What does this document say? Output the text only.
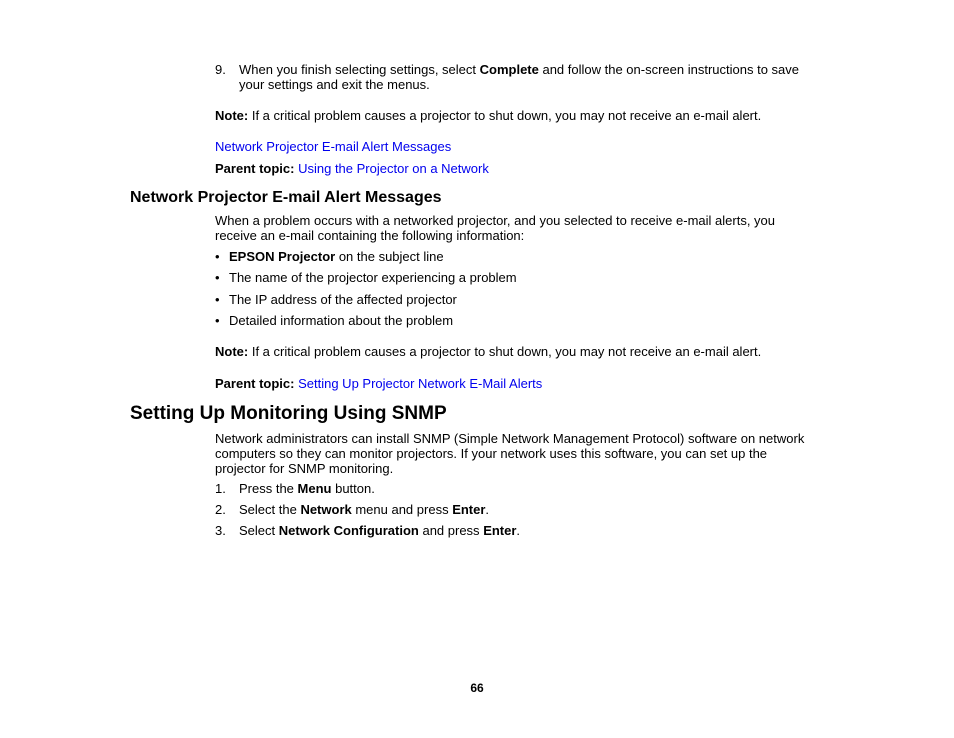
9.	When you finish selecting settings, select Complete and follow the on-screen instructions to save
your settings and exit the menus.
Note: If a critical problem causes a projector to shut down, you may not receive an e-mail alert.
Network Projector E-mail Alert Messages
Parent topic: Using the Projector on a Network
Network Projector E-mail Alert Messages
When a problem occurs with a networked projector, and you selected to receive e-mail alerts, you
receive an e-mail containing the following information:
• EPSON Projector on the subject line
• The name of the projector experiencing a problem
• The IP address of the affected projector
• Detailed information about the problem
Note: If a critical problem causes a projector to shut down, you may not receive an e-mail alert.
Parent topic: Setting Up Projector Network E-Mail Alerts
Setting Up Monitoring Using SNMP
Network administrators can install SNMP (Simple Network Management Protocol) software on network
computers so they can monitor projectors. If your network uses this software, you can set up the
projector for SNMP monitoring.
1.	Press the Menu button.
2.	Select the Network menu and press Enter.
3.	Select Network Configuration and press Enter.
66
